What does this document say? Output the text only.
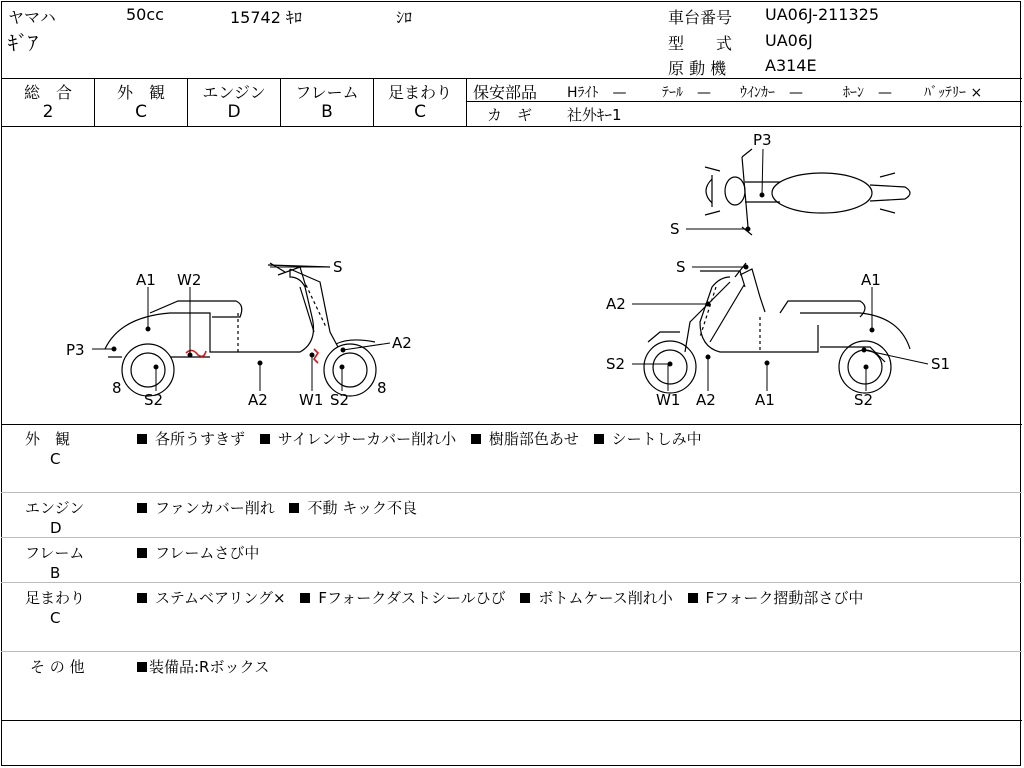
ヤマハ	50cc	15742 ｷﾛ	ｼﾛ
ｷﾞｱ
車台番号 UA06J-211325
型　　式 UA06J
原 動 機 A314E
総　合
2
外　観
C
エンジン
D
フレーム
B
足まわり
C
保安部品 Hﾗｲﾄ　—	ﾃｰﾙ　— ｳｲﾝｶｰ　—	ﾎｰﾝ　— ﾊﾞｯﾃﾘｰ ×
カ　ギ 社外ｷｰ1
A1 W2
S
P3	A2
8
S2	A2 W1 S2
8
S
A2
A1
S2	S1
W1 A2	A1	S2
P3
S
外　観
C
各所うすきず サイレンサーカバー削れ小 樹脂部色あせ シートしみ中
エンジン
D
ファンカバー削れ 不動 キック不良
フレーム
B
フレームさび中
足まわり
C
ステムベアリング× Fフォークダストシールひび ボトムケース削れ小 Fフォーク摺動部さび中
そ の 他	装備品:Rボックス
